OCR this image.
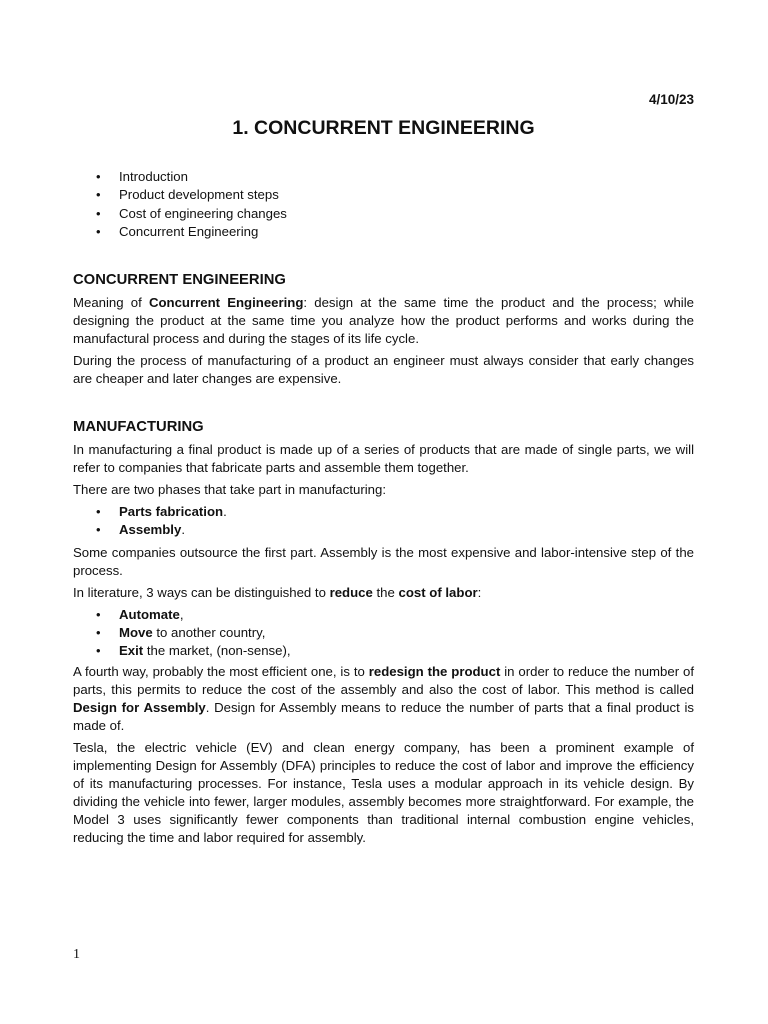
4/10/23
1. CONCURRENT ENGINEERING
• Introduction
• Product development steps
• Cost of engineering changes
• Concurrent Engineering
CONCURRENT ENGINEERING

Meaning of Concurrent Engineering: design at the same time the product and the process; while designing the product at the same time you analyze how the product performs and works during the manufactural process and during the stages of its life cycle.

During the process of manufacturing of a product an engineer must always consider that early changes are cheaper and later changes are expensive.

MANUFACTURING

In manufacturing a final product is made up of a series of products that are made of single parts, we will refer to companies that fabricate parts and assemble them together.

There are two phases that take part in manufacturing:

• Parts fabrication.
• Assembly.

Some companies outsource the first part. Assembly is the most expensive and labor-intensive step of the process.

In literature, 3 ways can be distinguished to reduce the cost of labor:

• Automate,
• Move to another country,
• Exit the market, (non-sense),

A fourth way, probably the most efficient one, is to redesign the product in order to reduce the number of parts, this permits to reduce the cost of the assembly and also the cost of labor. This method is called Design for Assembly. Design for Assembly means to reduce the number of parts that a final product is made of.

Tesla, the electric vehicle (EV) and clean energy company, has been a prominent example of implementing Design for Assembly (DFA) principles to reduce the cost of labor and improve the efficiency of its manufacturing processes. For instance, Tesla uses a modular approach in its vehicle design. By dividing the vehicle into fewer, larger modules, assembly becomes more straightforward. For example, the Model 3 uses significantly fewer components than traditional internal combustion engine vehicles, reducing the time and labor required for assembly.

1
